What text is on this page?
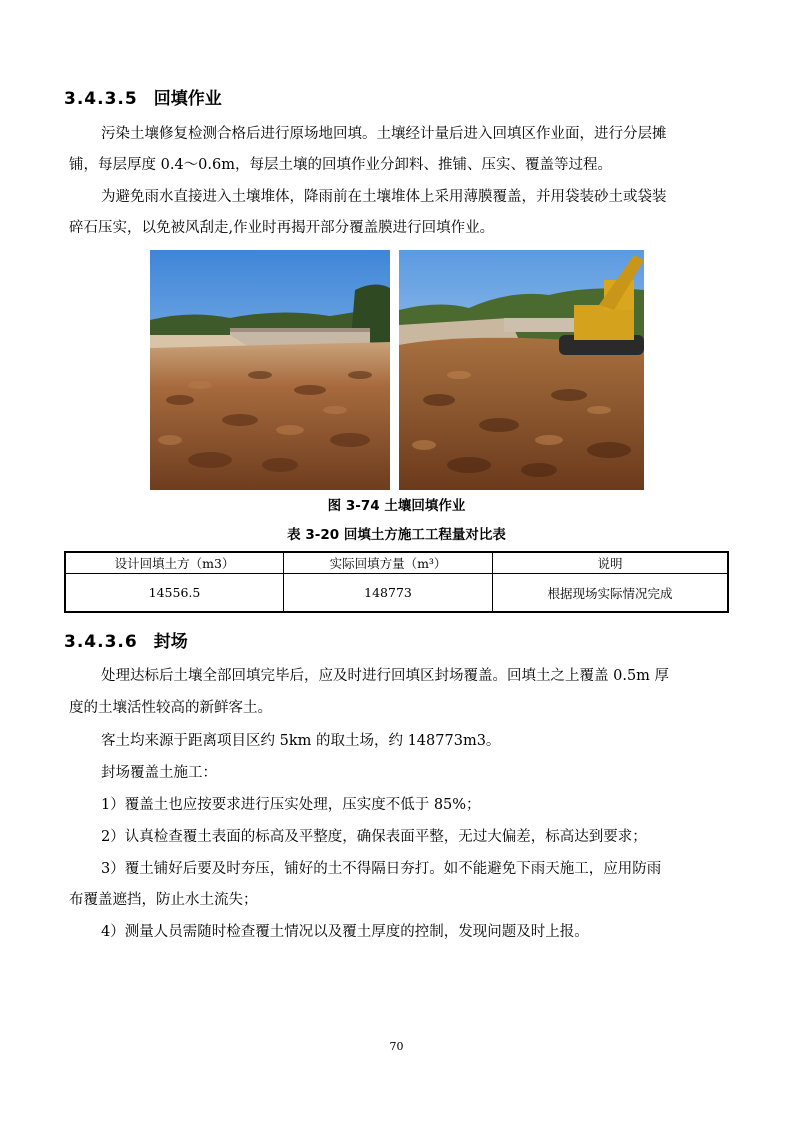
3.4.3.5 回填作业
污染土壤修复检测合格后进行原场地回填。土壤经计量后进入回填区作业面，进行分层摊
铺，每层厚度 0.4～0.6m，每层土壤的回填作业分卸料、推铺、压实、覆盖等过程。
为避免雨水直接进入土壤堆体，降雨前在土壤堆体上采用薄膜覆盖，并用袋装砂土或袋装
碎石压实，以免被风刮走,作业时再揭开部分覆盖膜进行回填作业。
图 3-74 土壤回填作业
表 3-20 回填土方施工工程量对比表
设计回填土方（m3）	实际回填方量（m³）	说明
14556.5	148773	根据现场实际情况完成
3.4.3.6 封场
处理达标后土壤全部回填完毕后，应及时进行回填区封场覆盖。回填土之上覆盖 0.5m 厚
度的土壤活性较高的新鲜客土。
客土均来源于距离项目区约 5km 的取土场，约 148773m3。
封场覆盖土施工：
1）覆盖土也应按要求进行压实处理，压实度不低于 85%；
2）认真检查覆土表面的标高及平整度，确保表面平整，无过大偏差，标高达到要求；
3）覆土铺好后要及时夯压，铺好的土不得隔日夯打。如不能避免下雨天施工，应用防雨
布覆盖遮挡，防止水土流失；
4）测量人员需随时检查覆土情况以及覆土厚度的控制，发现问题及时上报。
70
